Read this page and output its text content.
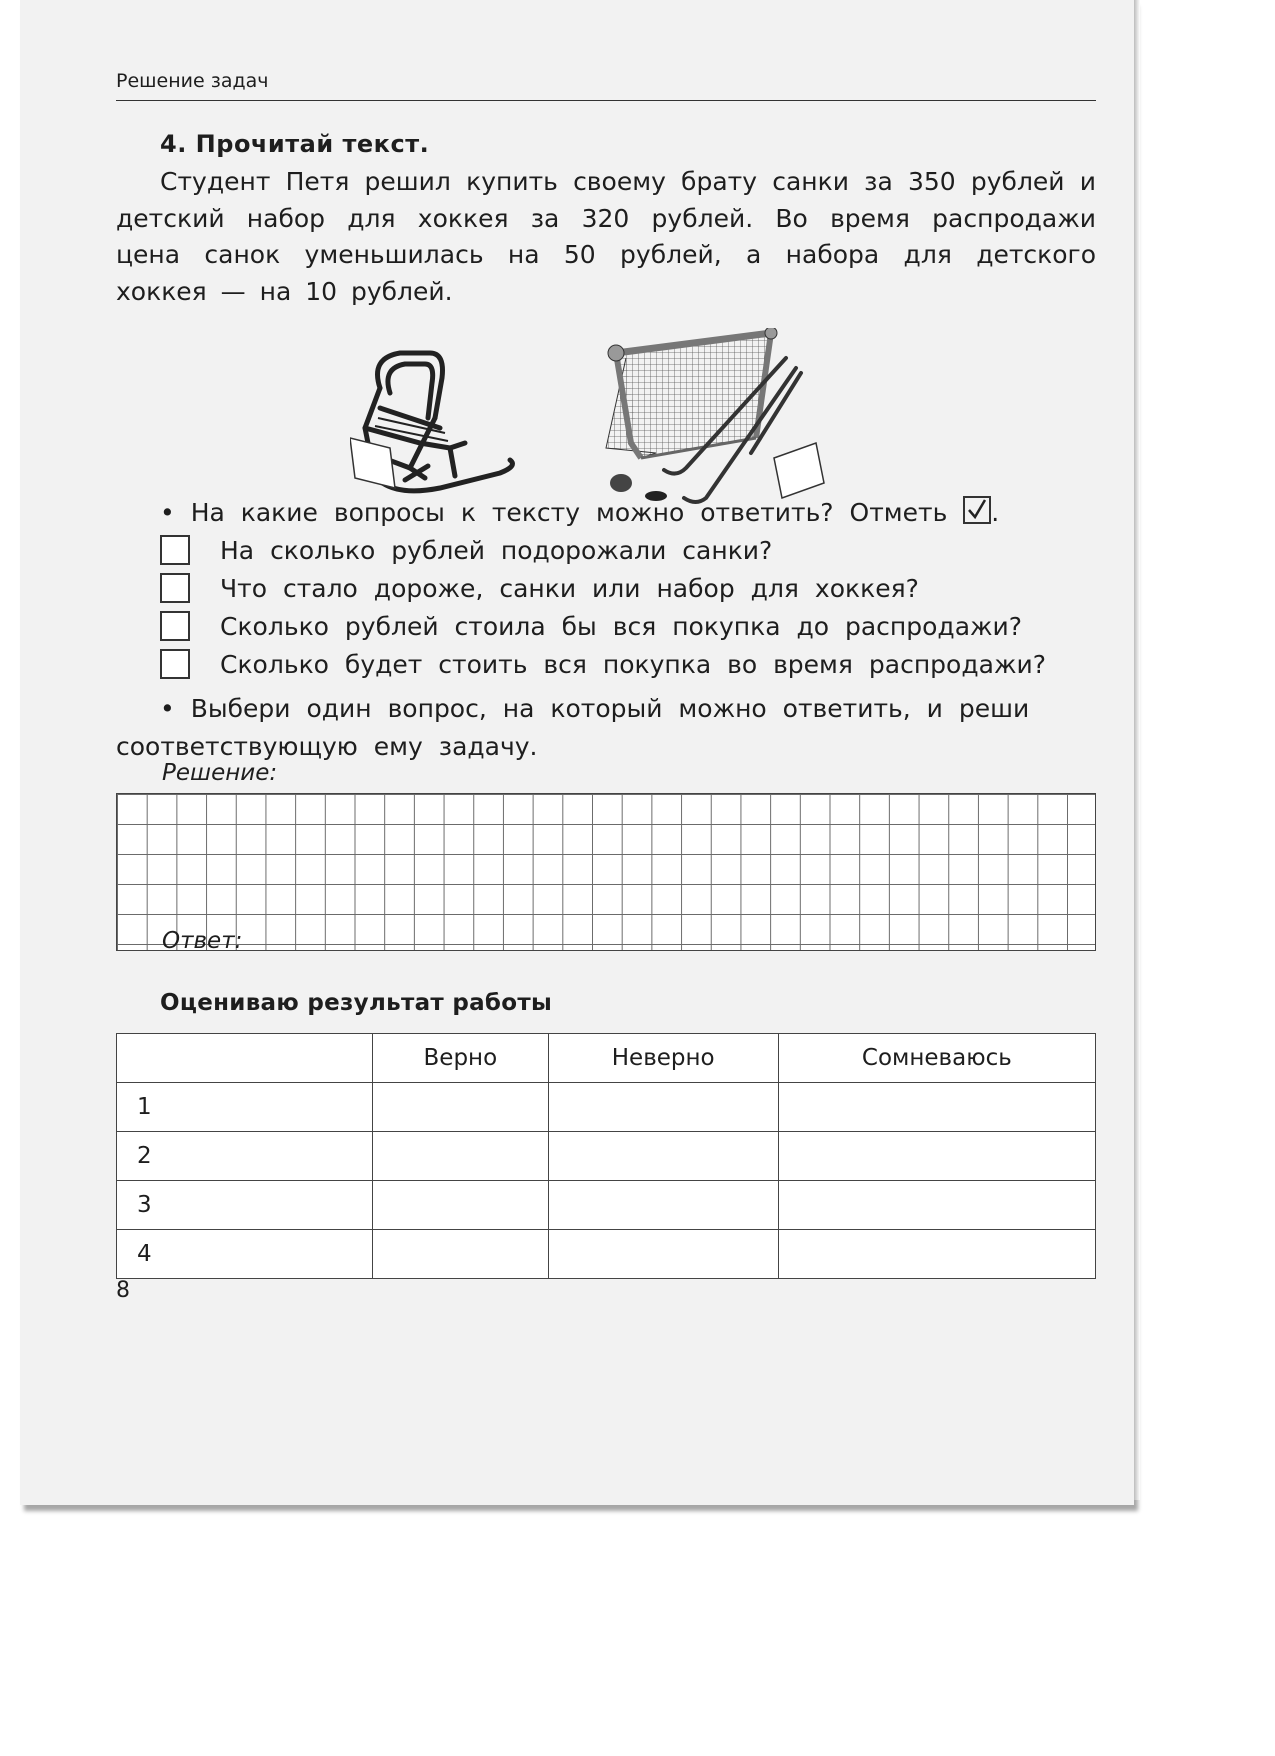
Решение задач
4. Прочитай текст.
Студент Петя решил купить своему брату санки за 350 рублей и детский набор для хоккея за 320 рублей. Во время распродажи цена санок уменьшилась на 50 рублей, а набора для детского хоккея — на 10 рублей.
• На какие вопросы к тексту можно ответить? Отметь .
На сколько рублей подорожали санки?
Что стало дороже, санки или набор для хоккея?
Сколько рублей стоила бы вся покупка до распродажи?
Сколько будет стоить вся покупка во время распродажи?
• Выбери один вопрос, на который можно ответить, и реши соответствующую ему задачу.
Решение:
Ответ:
Оцениваю результат работы
	Верно	Неверно	Сомневаюсь
1			
2			
3			
4			
8
